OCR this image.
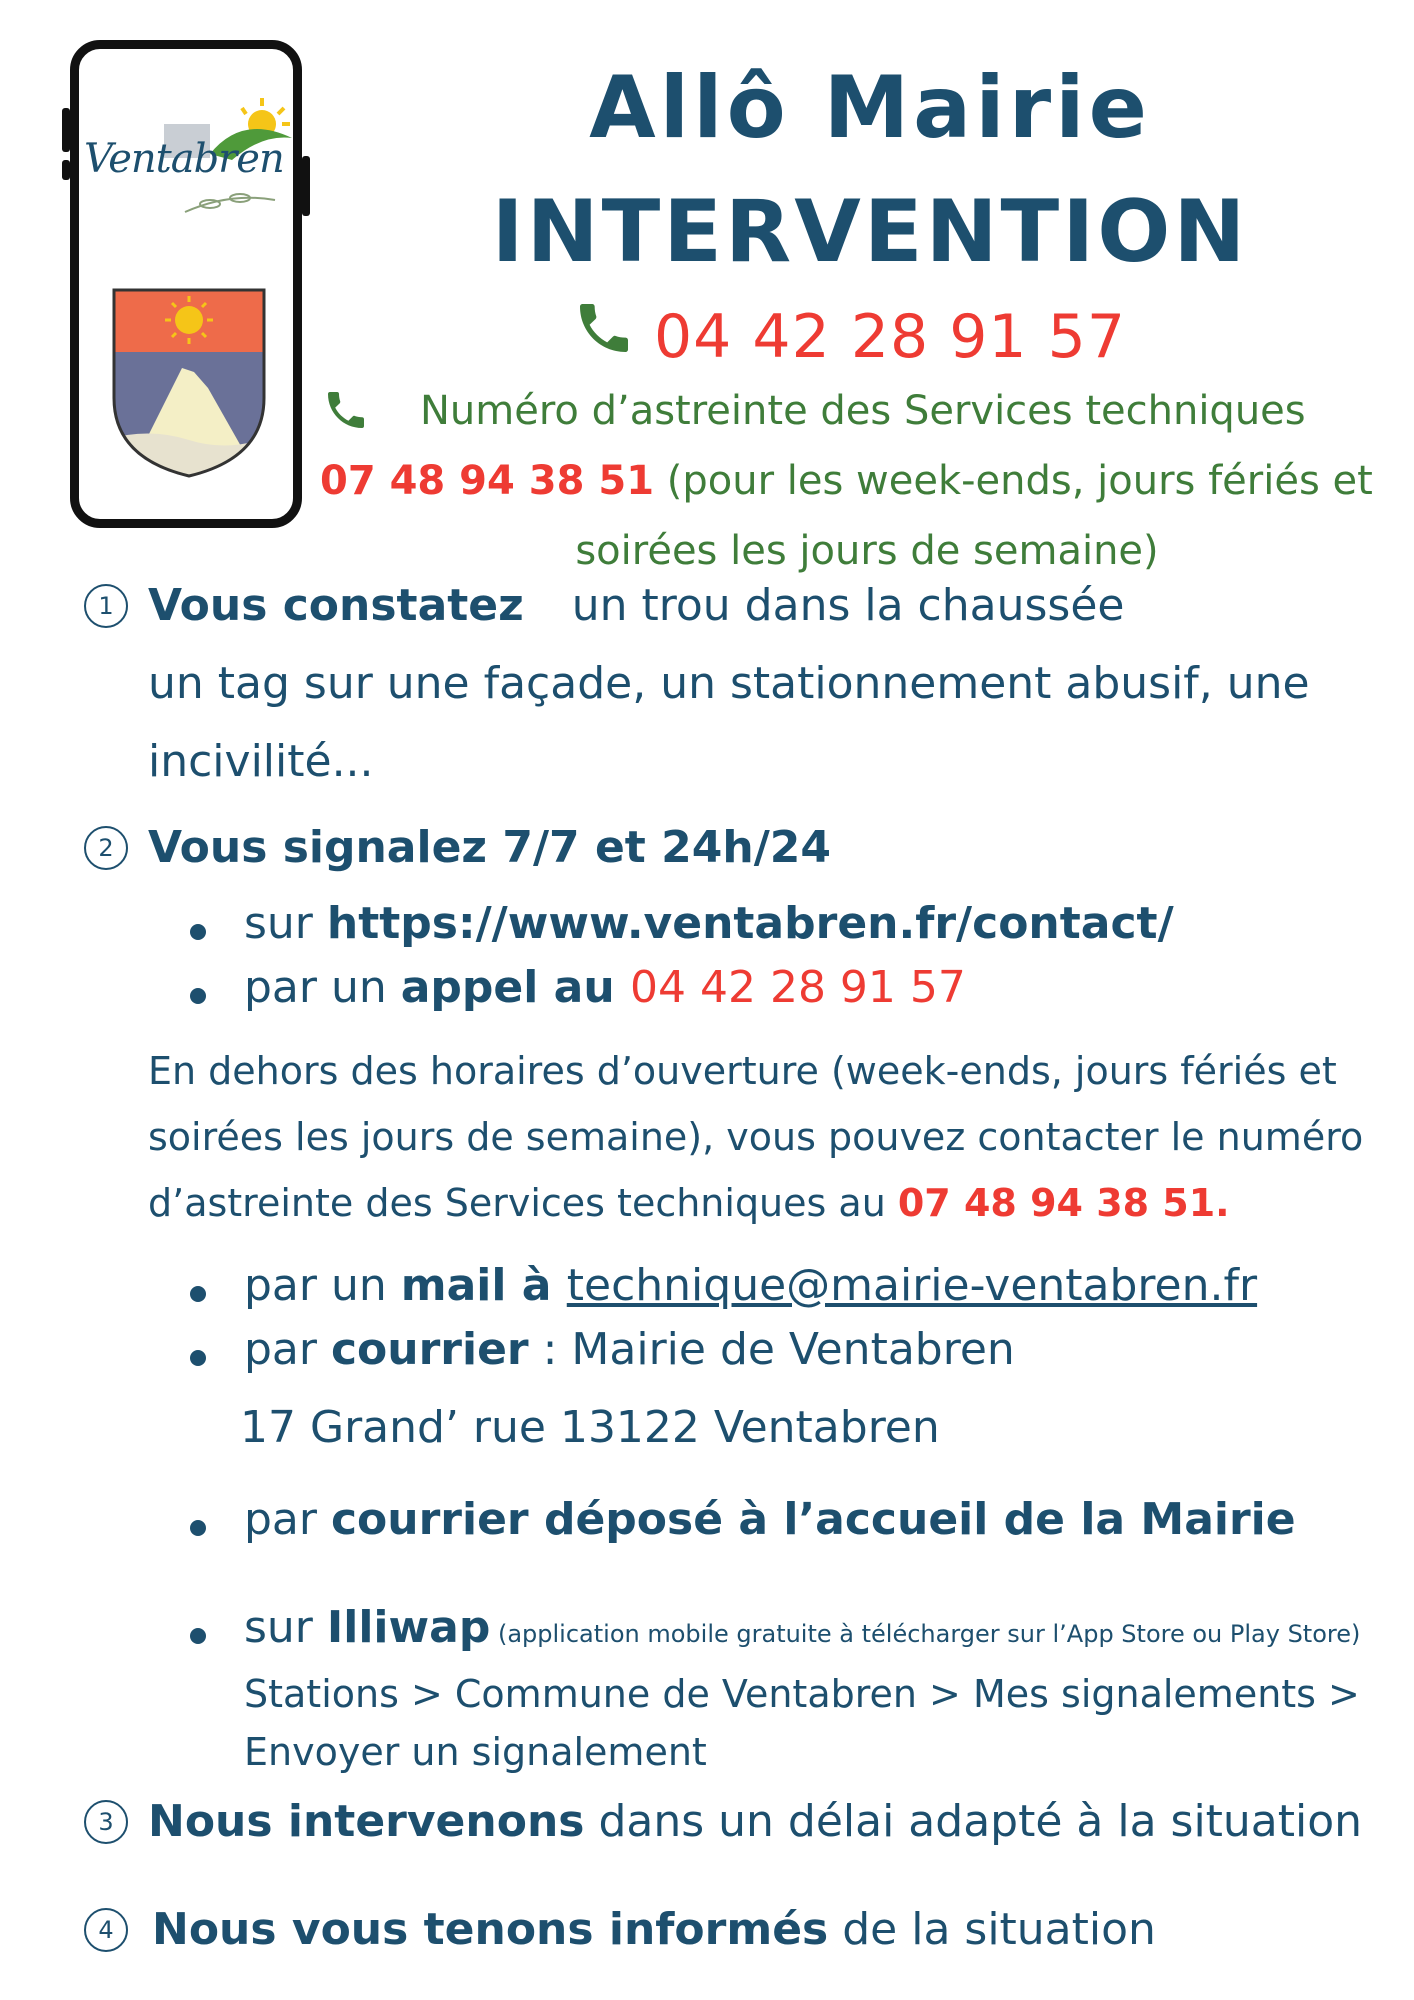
Ventabren
Allô Mairie
INTERVENTION
04 42 28 91 57
Numéro d’astreinte des Services techniques
07 48 94 38 51 (pour les week-ends, jours fériés et
soirées les jours de semaine)
1 Vous constatez un trou dans la chaussée
un tag sur une façade, un stationnement abusif, une
incivilité...
2 Vous signalez 7/7 et 24h/24
sur https://www.ventabren.fr/contact/
par un appel au 04 42 28 91 57
En dehors des horaires d’ouverture (week-ends, jours fériés et
soirées les jours de semaine), vous pouvez contacter le numéro
d’astreinte des Services techniques au 07 48 94 38 51.
par un mail à technique@mairie-ventabren.fr
par courrier : Mairie de Ventabren
17 Grand’ rue 13122 Ventabren
par courrier déposé à l’accueil de la Mairie
sur Illiwap (application mobile gratuite à télécharger sur l’App Store ou Play Store)
Stations > Commune de Ventabren > Mes signalements >
Envoyer un signalement
3 Nous intervenons dans un délai adapté à la situation
4 Nous vous tenons informés de la situation
